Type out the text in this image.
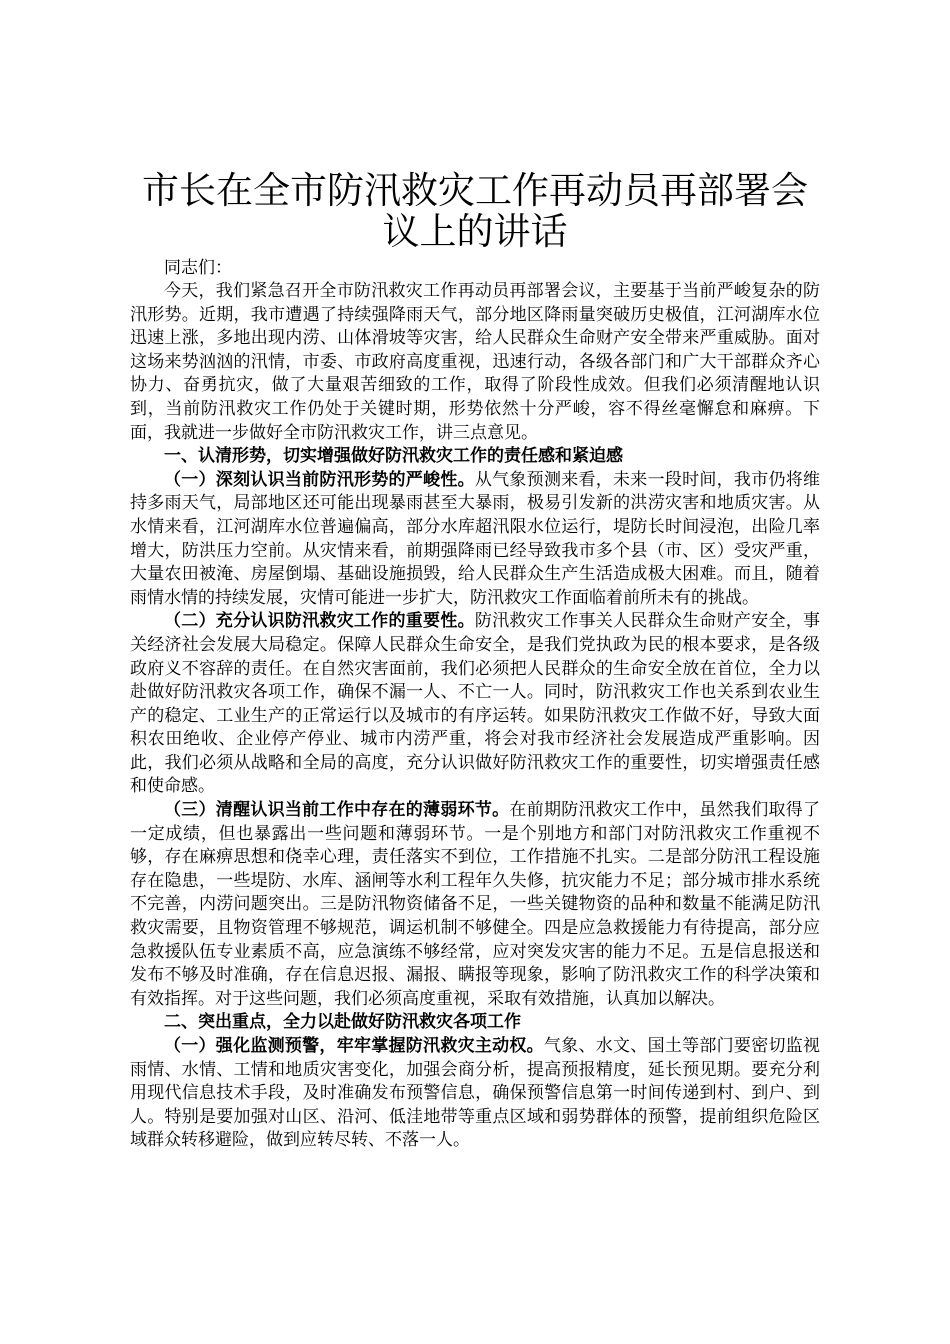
市长在全市防汛救灾工作再动员再部署会议上的讲话

同志们：

今天，我们紧急召开全市防汛救灾工作再动员再部署会议，主要基于当前严峻复杂的防汛形势。近期，我市遭遇了持续强降雨天气，部分地区降雨量突破历史极值，江河湖库水位迅速上涨，多地出现内涝、山体滑坡等灾害，给人民群众生命财产安全带来严重威胁。面对这场来势汹汹的汛情，市委、市政府高度重视，迅速行动，各级各部门和广大干部群众齐心协力、奋勇抗灾，做了大量艰苦细致的工作，取得了阶段性成效。但我们必须清醒地认识到，当前防汛救灾工作仍处于关键时期，形势依然十分严峻，容不得丝毫懈怠和麻痹。下面，我就进一步做好全市防汛救灾工作，讲三点意见。

一、认清形势，切实增强做好防汛救灾工作的责任感和紧迫感

（一）深刻认识当前防汛形势的严峻性。从气象预测来看，未来一段时间，我市仍将维持多雨天气，局部地区还可能出现暴雨甚至大暴雨，极易引发新的洪涝灾害和地质灾害。从水情来看，江河湖库水位普遍偏高，部分水库超汛限水位运行，堤防长时间浸泡，出险几率增大，防洪压力空前。从灾情来看，前期强降雨已经导致我市多个县（市、区）受灾严重，大量农田被淹、房屋倒塌、基础设施损毁，给人民群众生产生活造成极大困难。而且，随着雨情水情的持续发展，灾情可能进一步扩大，防汛救灾工作面临着前所未有的挑战。

（二）充分认识防汛救灾工作的重要性。防汛救灾工作事关人民群众生命财产安全，事关经济社会发展大局稳定。保障人民群众生命安全，是我们党执政为民的根本要求，是各级政府义不容辞的责任。在自然灾害面前，我们必须把人民群众的生命安全放在首位，全力以赴做好防汛救灾各项工作，确保不漏一人、不亡一人。同时，防汛救灾工作也关系到农业生产的稳定、工业生产的正常运行以及城市的有序运转。如果防汛救灾工作做不好，导致大面积农田绝收、企业停产停业、城市内涝严重，将会对我市经济社会发展造成严重影响。因此，我们必须从战略和全局的高度，充分认识做好防汛救灾工作的重要性，切实增强责任感和使命感。

（三）清醒认识当前工作中存在的薄弱环节。在前期防汛救灾工作中，虽然我们取得了一定成绩，但也暴露出一些问题和薄弱环节。一是个别地方和部门对防汛救灾工作重视不够，存在麻痹思想和侥幸心理，责任落实不到位，工作措施不扎实。二是部分防汛工程设施存在隐患，一些堤防、水库、涵闸等水利工程年久失修，抗灾能力不足；部分城市排水系统不完善，内涝问题突出。三是防汛物资储备不足，一些关键物资的品种和数量不能满足防汛救灾需要，且物资管理不够规范，调运机制不够健全。四是应急救援能力有待提高，部分应急救援队伍专业素质不高，应急演练不够经常，应对突发灾害的能力不足。五是信息报送和发布不够及时准确，存在信息迟报、漏报、瞒报等现象，影响了防汛救灾工作的科学决策和有效指挥。对于这些问题，我们必须高度重视，采取有效措施，认真加以解决。

二、突出重点，全力以赴做好防汛救灾各项工作

（一）强化监测预警，牢牢掌握防汛救灾主动权。气象、水文、国土等部门要密切监视雨情、水情、工情和地质灾害变化，加强会商分析，提高预报精度，延长预见期。要充分利用现代信息技术手段，及时准确发布预警信息，确保预警信息第一时间传递到村、到户、到人。特别是要加强对山区、沿河、低洼地带等重点区域和弱势群体的预警，提前组织危险区域群众转移避险，做到应转尽转、不落一人。
